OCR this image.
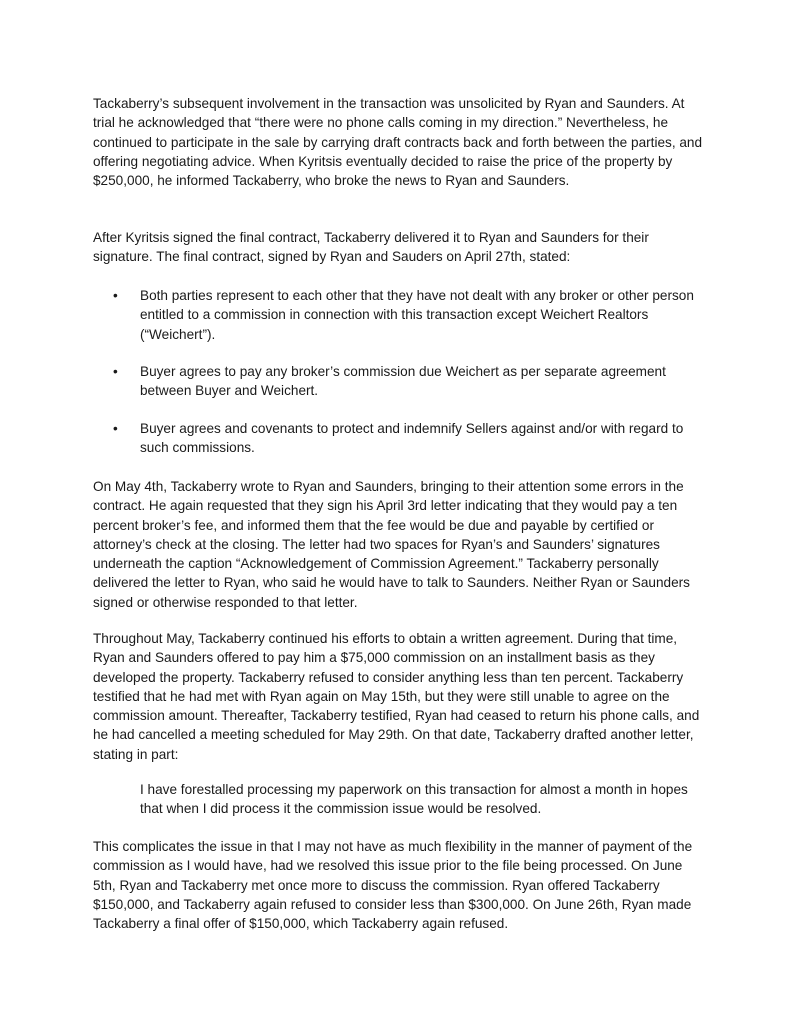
Tackaberry’s subsequent involvement in the transaction was unsolicited by Ryan and Saunders. At trial he acknowledged that “there were no phone calls coming in my direction.” Nevertheless, he continued to participate in the sale by carrying draft contracts back and forth between the parties, and offering negotiating advice. When Kyritsis eventually decided to raise the price of the property by $250,000, he informed Tackaberry, who broke the news to Ryan and Saunders.

After Kyritsis signed the final contract, Tackaberry delivered it to Ryan and Saunders for their signature. The final contract, signed by Ryan and Sauders on April 27th, stated:

• Both parties represent to each other that they have not dealt with any broker or other person entitled to a commission in connection with this transaction except Weichert Realtors (“Weichert”).

• Buyer agrees to pay any broker’s commission due Weichert as per separate agreement between Buyer and Weichert.

• Buyer agrees and covenants to protect and indemnify Sellers against and/or with regard to such commissions.

On May 4th, Tackaberry wrote to Ryan and Saunders, bringing to their attention some errors in the contract. He again requested that they sign his April 3rd letter indicating that they would pay a ten percent broker’s fee, and informed them that the fee would be due and payable by certified or attorney’s check at the closing. The letter had two spaces for Ryan’s and Saunders’ signatures underneath the caption “Acknowledgement of Commission Agreement.” Tackaberry personally delivered the letter to Ryan, who said he would have to talk to Saunders. Neither Ryan or Saunders signed or otherwise responded to that letter.

Throughout May, Tackaberry continued his efforts to obtain a written agreement. During that time, Ryan and Saunders offered to pay him a $75,000 commission on an installment basis as they developed the property. Tackaberry refused to consider anything less than ten percent. Tackaberry testified that he had met with Ryan again on May 15th, but they were still unable to agree on the commission amount. Thereafter, Tackaberry testified, Ryan had ceased to return his phone calls, and he had cancelled a meeting scheduled for May 29th. On that date, Tackaberry drafted another letter, stating in part:

I have forestalled processing my paperwork on this transaction for almost a month in hopes that when I did process it the commission issue would be resolved.

This complicates the issue in that I may not have as much flexibility in the manner of payment of the commission as I would have, had we resolved this issue prior to the file being processed. On June 5th, Ryan and Tackaberry met once more to discuss the commission. Ryan offered Tackaberry $150,000, and Tackaberry again refused to consider less than $300,000. On June 26th, Ryan made Tackaberry a final offer of $150,000, which Tackaberry again refused.
